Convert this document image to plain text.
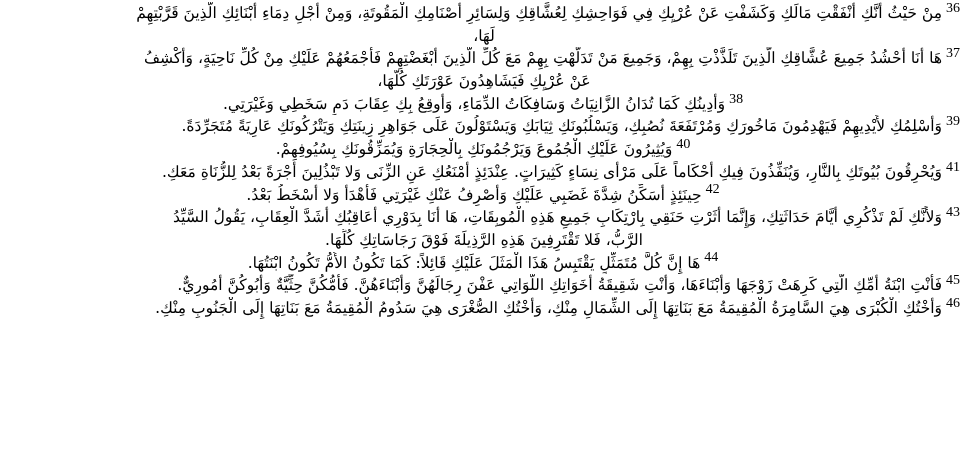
36مِنْ حَيْثُ أَنَّكِ أَنْفَقْتِ مَالَكِ وَكَشَفْتِ عَنْ عُرْيِكِ فِي فَوَاحِشِكِ لِعُشَّاقِكِ وَلِسَائِرِ أَصْنَامِكِ الْمَقُوتَةِ، وَمِنْ أَجْلِ دِمَاءِ أَبْنَائِكِ الَّذِينَ قَرَّبْتِهِمْ
لَهَا،
37هَا أَنَا أَحْشُدُ جَمِيعَ عُشَّاقِكِ الَّذِينَ تَلَذَّذْتِ بِهِمْ، وَجَمِيعَ مَنْ تَدَلَّهْتِ بِهِمْ مَعَ كُلِّ الَّذِينَ أَبْغَضْتِهِمْ فَأَجْمَعُهُمْ عَلَيْكِ مِنْ كُلِّ نَاحِيَةٍ، وَأَكْشِفُ
عَنْ عُرْيِكِ فَيَشَاهِدُونَ عَوْرَتَكِ كُلَّهَا،
38وَأَدِينُكِ كَمَا تُدَانُ الزَّانِيَاتُ وَسَافِكَاتُ الدِّمَاءِ، وَأُوقِعُ بِكِ عِقَابَ دَمِ سَخَطِي وَغَيْرَتِي.
39وَأُسْلِمُكِ لأَيْدِيهِمْ فَيَهْدِمُونَ مَاخُورَكِ وَمُرْتَفَعَةَ نُصُبِكِ، وَيَسْلُبُونَكِ ثِيَابَكِ وَيَسْتَوْلُونَ عَلَى جَوَاهِرِ زِينَتِكِ وَيَتْرُكُونَكِ عَارِيَةً مُتَجَرِّدَةً.
40وَيُثِيرُونَ عَلَيْكِ الْجُمُوعَ وَيَرْجُمُونَكِ بِالْحِجَارَةِ وَيُمَزِّقُونَكِ بِسُيُوفِهِمْ.
41وَيُحْرِقُونَ بُيُوتَكِ بِالنَّارِ، وَيُنَفِّذُونَ فِيكِ أَحْكَاماً عَلَى مَرْأَى نِسَاءٍ كَثِيرَاتٍ. عِنْدَئِذٍ أَمْنَعُكِ عَنِ الزِّنَى وَلا تَبْذُلِينَ أُجْرَةً بَعْدُ لِلزُّنَاةِ مَعَكِ.
42حِينَئِذٍ أُسَكِّنُ شِدَّةَ غَضَبِي عَلَيْكِ وَأَصْرِفُ عَنْكِ غَيْرَتِي فَأَهْدَأُ وَلا أَسْخَطُ بَعْدُ.
43وَلأَنَّكِ لَمْ تَذْكُرِي أَيَّامَ حَدَاثَتِكِ، وَإِنَّمَا أَثَرْتِ حَنَقِي بِارْتِكَابِ جَمِيعِ هَذِهِ الْمُوبِقَاتِ، هَا أَنَا بِدَوْرِي أُعَاقِبُكِ أَشَدَّ الْعِقَابِ، يَقُولُ السَّيِّدُ
الرَّبُّ، فَلا تَقْتَرِفِينَ هَذِهِ الرَّذِيلَةَ فَوْقَ رَجَاسَاتِكِ كُلِّهَا.
44هَا إِنَّ كُلَّ مُتَمَثِّلٍ يَقْتَبِسُ هَذَا الْمَثَلَ عَلَيْكِ قَائِلاً: كَمَا تَكُونُ الأُمُّ تَكُونُ ابْنَتُهَا.
45فَأَنْتِ ابْنَةُ أُمِّكِ الَّتِي كَرِهَتْ زَوْجَهَا وَأَبْنَاءَهَا، وَأَنْتِ شَقِيقَةُ أَخَوَاتِكِ اللَّوَاتِي عَفْنَ رِجَالَهُنَّ وَأَبْنَاءَهُنَّ. فَأُمُّكُنَّ حِثِّيَّةٌ وَأَبُوكُنَّ أَمُورِيٌّ.
46وَأُخْتُكِ الْكُبْرَى هِيَ السَّامِرَةُ الْمُقِيمَةُ مَعَ بَنَاتِهَا إِلَى الشِّمَالِ مِنْكِ، وَأُخْتُكِ الصُّغْرَى هِيَ سَدُومُ الْمُقِيمَةُ مَعَ بَنَاتِهَا إِلَى الْجَنُوبِ مِنْكِ.
